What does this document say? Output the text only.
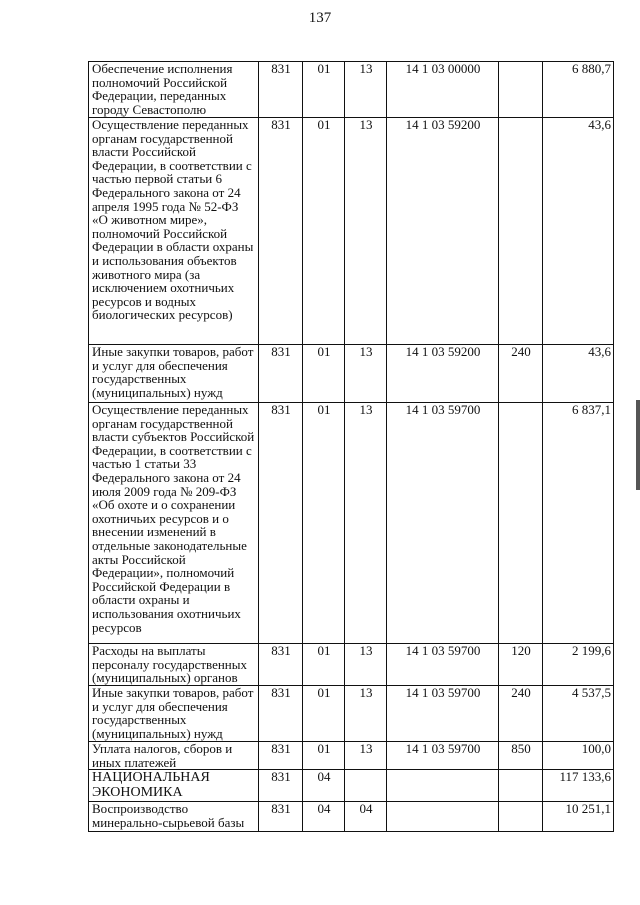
137
Обеспечение исполнения полномочий Российской Федерации, переданных городу Севастополю	831	01	13	14 1 03 00000		6 880,7
Осуществление переданных органам государственной власти Российской Федерации, в соответствии с частью первой статьи 6 Федерального закона от 24 апреля 1995 года № 52-ФЗ «О животном мире», полномочий Российской Федерации в области охраны и использования объектов животного мира (за исключением охотничьих ресурсов и водных биологических ресурсов)	831	01	13	14 1 03 59200		43,6
Иные закупки товаров, работ и услуг для обеспечения государственных (муниципальных) нужд	831	01	13	14 1 03 59200	240	43,6
Осуществление переданных органам государственной власти субъектов Российской Федерации, в соответствии с частью 1 статьи 33 Федерального закона от 24 июля 2009 года № 209-ФЗ «Об охоте и о сохранении охотничьих ресурсов и о внесении изменений в отдельные законодательные акты Российской Федерации», полномочий Российской Федерации в области охраны и использования охотничьих ресурсов	831	01	13	14 1 03 59700		6 837,1
Расходы на выплаты персоналу государственных (муниципальных) органов	831	01	13	14 1 03 59700	120	2 199,6
Иные закупки товаров, работ и услуг для обеспечения государственных (муниципальных) нужд	831	01	13	14 1 03 59700	240	4 537,5
Уплата налогов, сборов и иных платежей	831	01	13	14 1 03 59700	850	100,0
НАЦИОНАЛЬНАЯ ЭКОНОМИКА	831	04				117 133,6
Воспроизводство минерально-сырьевой базы	831	04	04			10 251,1
